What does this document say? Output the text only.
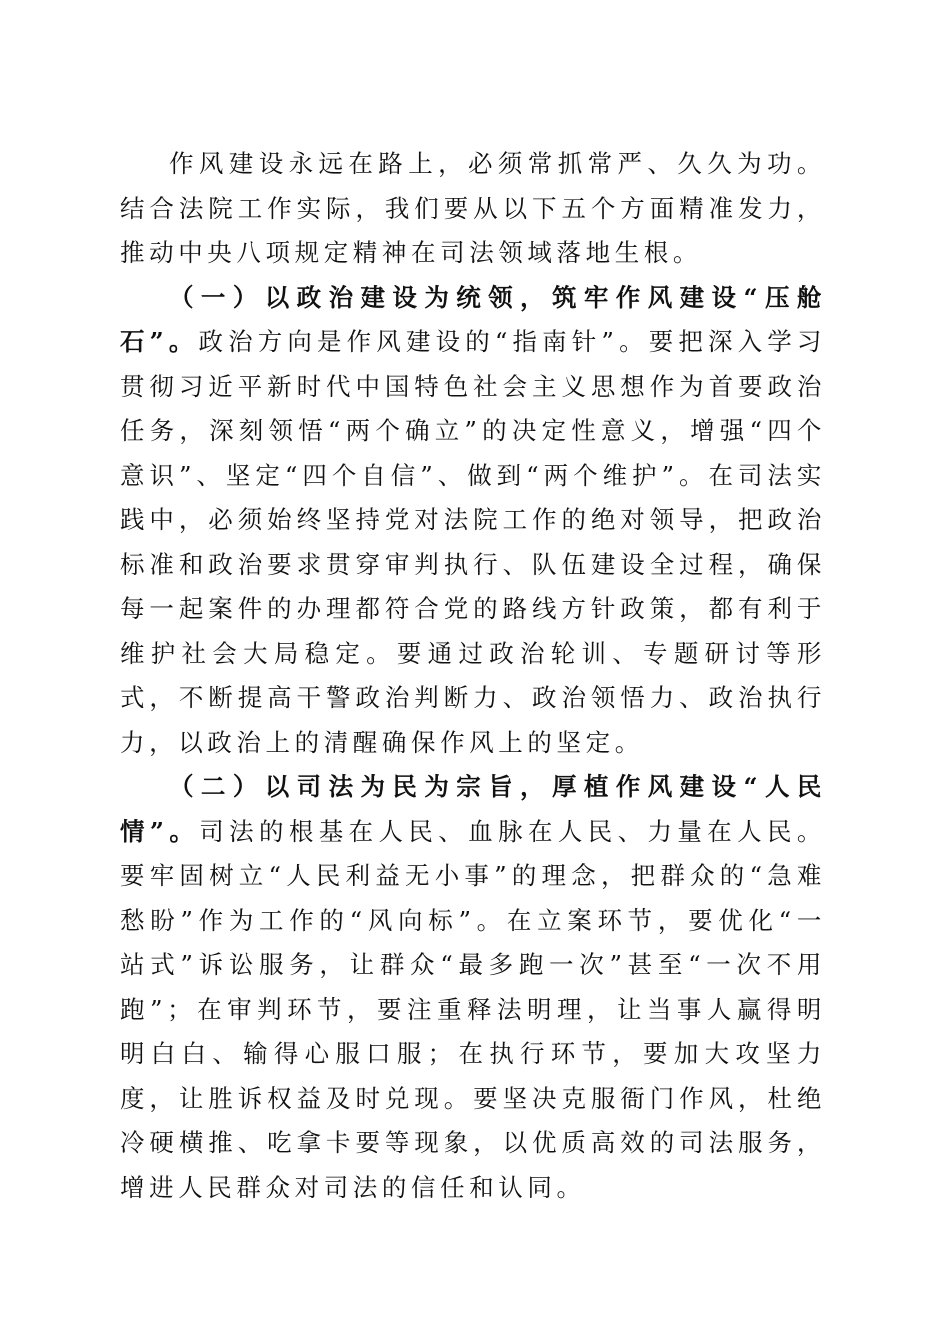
作风建设永远在路上，必须常抓常严、久久为功。结合法院工作实际，我们要从以下五个方面精准发力，推动中央八项规定精神在司法领域落地生根。

（一）以政治建设为统领，筑牢作风建设“压舱石”。政治方向是作风建设的“指南针”。要把深入学习贯彻习近平新时代中国特色社会主义思想作为首要政治任务，深刻领悟“两个确立”的决定性意义，增强“四个意识”、坚定“四个自信”、做到“两个维护”。在司法实践中，必须始终坚持党对法院工作的绝对领导，把政治标准和政治要求贯穿审判执行、队伍建设全过程，确保每一起案件的办理都符合党的路线方针政策，都有利于维护社会大局稳定。要通过政治轮训、专题研讨等形式，不断提高干警政治判断力、政治领悟力、政治执行力，以政治上的清醒确保作风上的坚定。

（二）以司法为民为宗旨，厚植作风建设“人民情”。司法的根基在人民、血脉在人民、力量在人民。要牢固树立“人民利益无小事”的理念，把群众的“急难愁盼”作为工作的“风向标”。在立案环节，要优化“一站式”诉讼服务，让群众“最多跑一次”甚至“一次不用跑”；在审判环节，要注重释法明理，让当事人赢得明明白白、输得心服口服；在执行环节，要加大攻坚力度，让胜诉权益及时兑现。要坚决克服衙门作风，杜绝冷硬横推、吃拿卡要等现象，以优质高效的司法服务，增进人民群众对司法的信任和认同。
